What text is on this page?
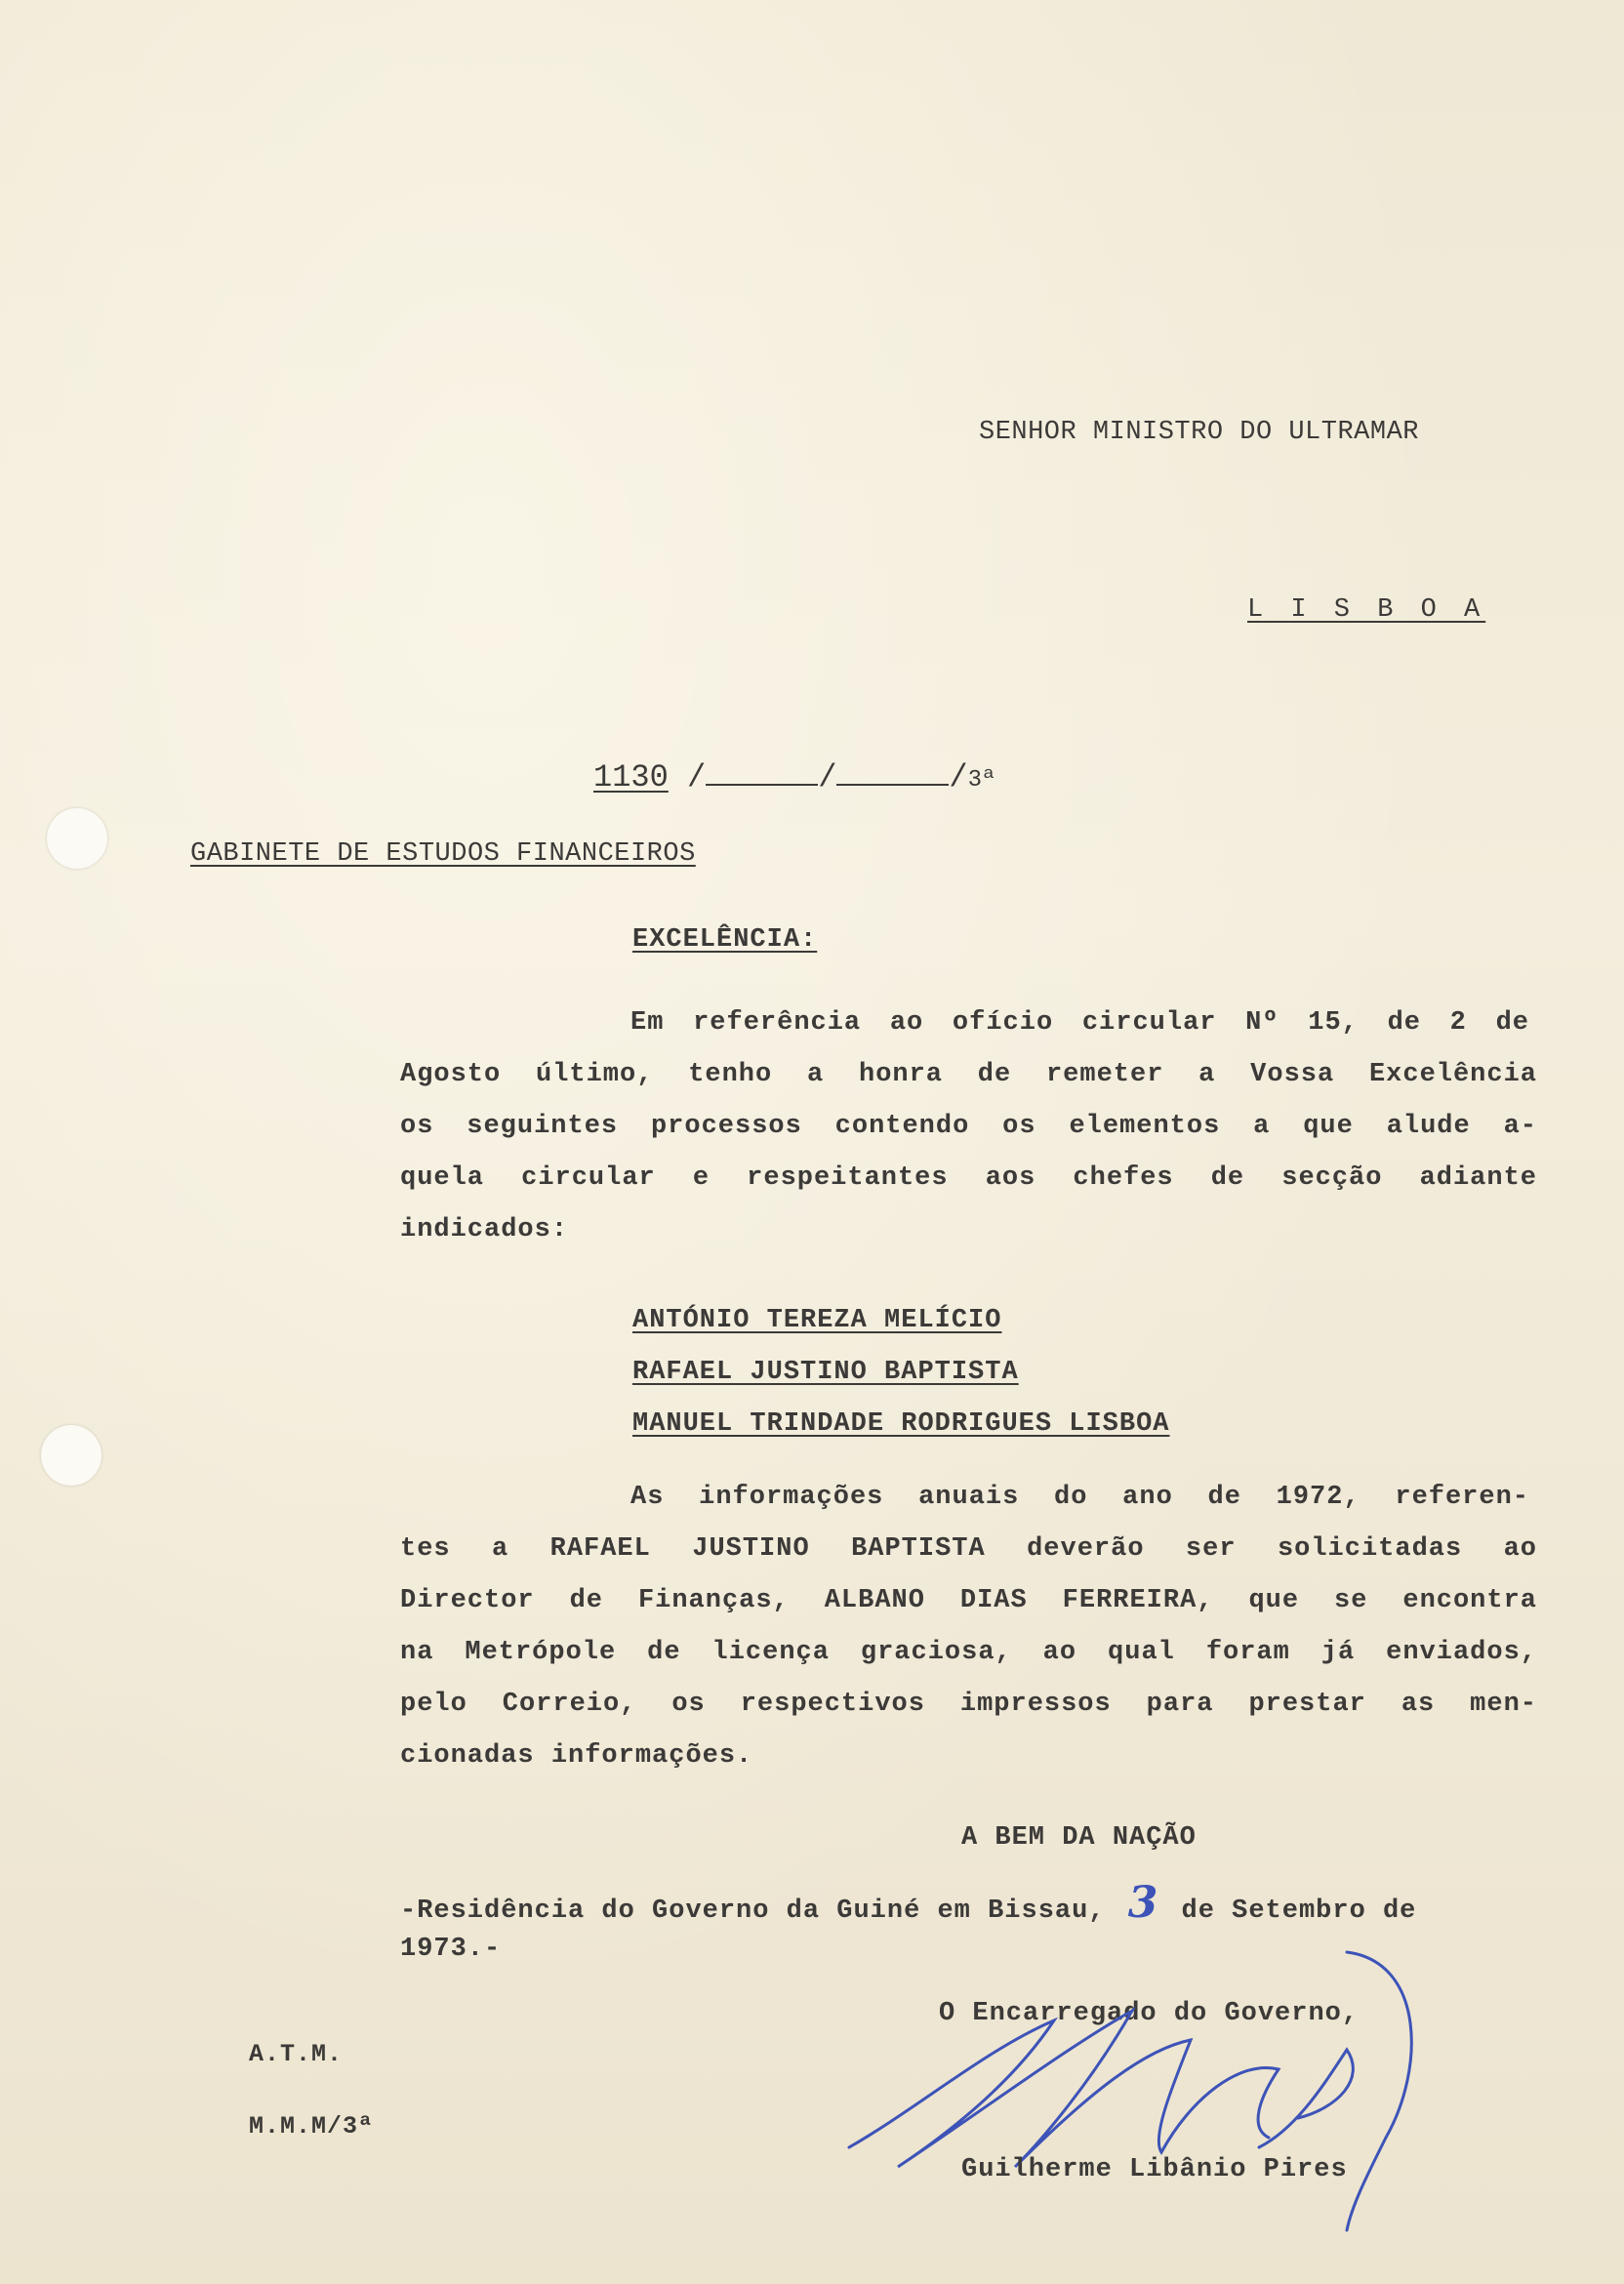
SENHOR MINISTRO DO ULTRAMAR
L I S B O A
1130 /	/	/3ª
GABINETE DE ESTUDOS FINANCEIROS
EXCELÊNCIA:
Em referência ao ofício circular Nº 15, de 2 de
Agosto último, tenho a honra de remeter a Vossa Excelência
os seguintes processos contendo os elementos a que alude a-
quela circular e respeitantes aos chefes de secção adiante
indicados:
ANTÓNIO TEREZA MELÍCIO
RAFAEL JUSTINO BAPTISTA
MANUEL TRINDADE RODRIGUES LISBOA
As informações anuais do ano de 1972, referen-
tes a RAFAEL JUSTINO BAPTISTA deverão ser solicitadas ao
Director de Finanças, ALBANO DIAS FERREIRA, que se encontra
na Metrópole de licença graciosa, ao qual foram já enviados,
pelo Correio, os respectivos impressos para prestar as men-
cionadas informações.
A BEM DA NAÇÃO
-Residência do Governo da Guiné em Bissau, 3 de Setembro de
1973.-
O Encarregado do Governo,
Guilherme Libânio Pires
A.T.M.
M.M.M/3ª
